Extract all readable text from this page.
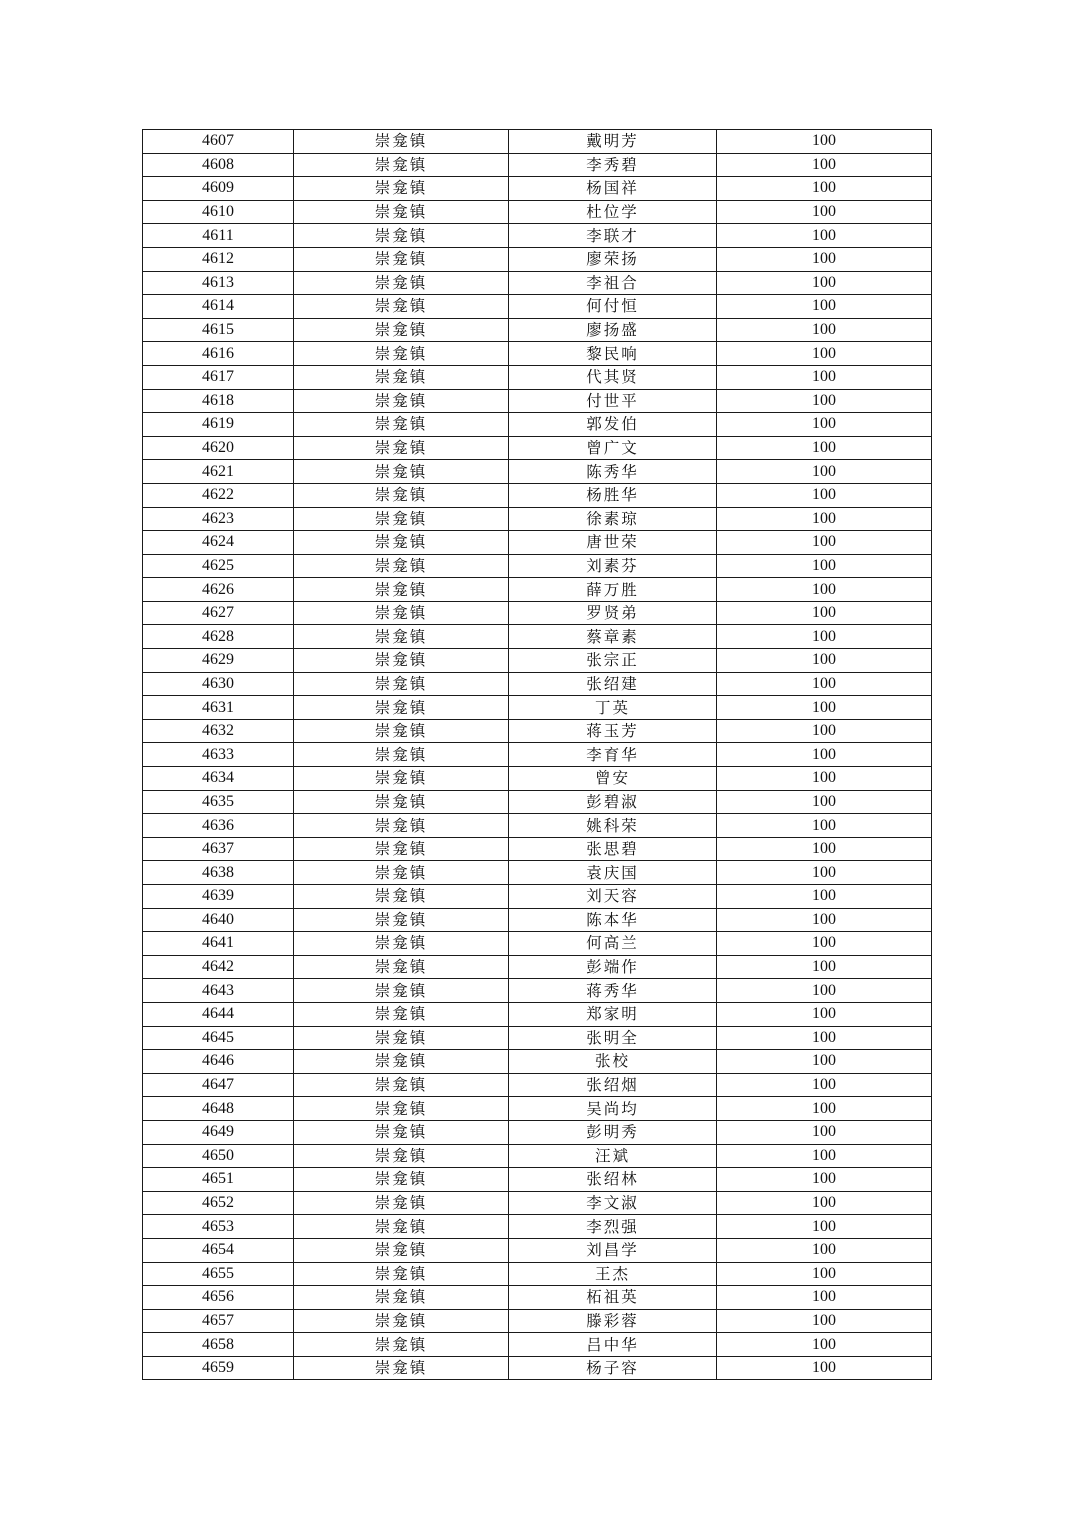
4607	崇龛镇	戴明芳	100
4608	崇龛镇	李秀碧	100
4609	崇龛镇	杨国祥	100
4610	崇龛镇	杜位学	100
4611	崇龛镇	李联才	100
4612	崇龛镇	廖荣扬	100
4613	崇龛镇	李祖合	100
4614	崇龛镇	何付恒	100
4615	崇龛镇	廖扬盛	100
4616	崇龛镇	黎民响	100
4617	崇龛镇	代其贤	100
4618	崇龛镇	付世平	100
4619	崇龛镇	郭发伯	100
4620	崇龛镇	曾广文	100
4621	崇龛镇	陈秀华	100
4622	崇龛镇	杨胜华	100
4623	崇龛镇	徐素琼	100
4624	崇龛镇	唐世荣	100
4625	崇龛镇	刘素芬	100
4626	崇龛镇	薛万胜	100
4627	崇龛镇	罗贤弟	100
4628	崇龛镇	蔡章素	100
4629	崇龛镇	张宗正	100
4630	崇龛镇	张绍建	100
4631	崇龛镇	丁英	100
4632	崇龛镇	蒋玉芳	100
4633	崇龛镇	李育华	100
4634	崇龛镇	曾安	100
4635	崇龛镇	彭碧淑	100
4636	崇龛镇	姚科荣	100
4637	崇龛镇	张思碧	100
4638	崇龛镇	袁庆国	100
4639	崇龛镇	刘天容	100
4640	崇龛镇	陈本华	100
4641	崇龛镇	何高兰	100
4642	崇龛镇	彭端作	100
4643	崇龛镇	蒋秀华	100
4644	崇龛镇	郑家明	100
4645	崇龛镇	张明全	100
4646	崇龛镇	张校	100
4647	崇龛镇	张绍烟	100
4648	崇龛镇	吴尚均	100
4649	崇龛镇	彭明秀	100
4650	崇龛镇	汪斌	100
4651	崇龛镇	张绍林	100
4652	崇龛镇	李文淑	100
4653	崇龛镇	李烈强	100
4654	崇龛镇	刘昌学	100
4655	崇龛镇	王杰	100
4656	崇龛镇	柘祖英	100
4657	崇龛镇	滕彩蓉	100
4658	崇龛镇	吕中华	100
4659	崇龛镇	杨子容	100
